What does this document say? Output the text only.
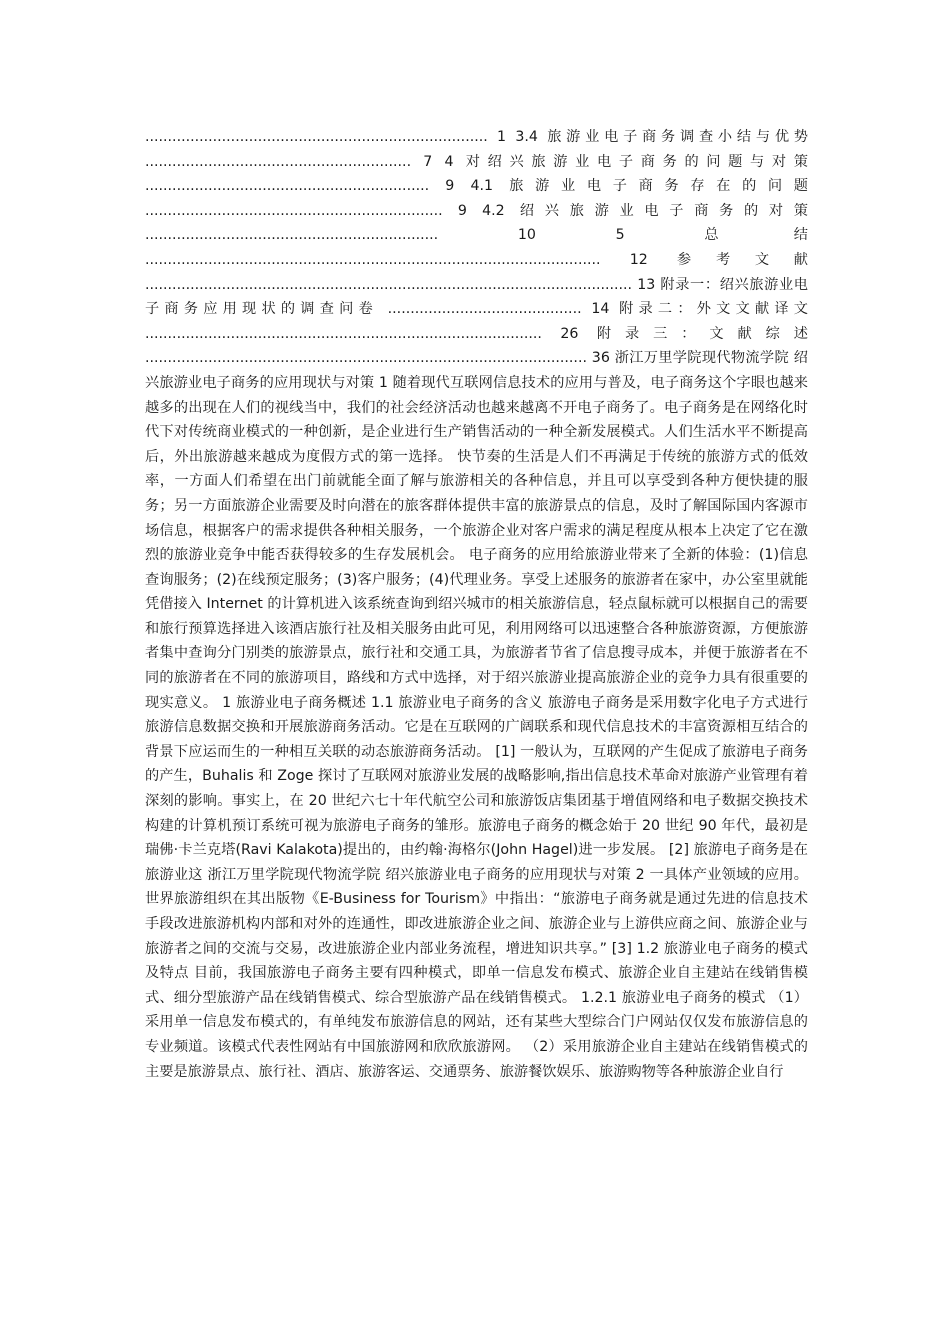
............................................................................ 1 3.4 旅游业电子商务调查小结与优势 ........................................................... 7 4 对绍兴旅游业电子商务的问题与对策 ............................................................... 9 4.1 旅游业电子商务存在的问题 .................................................................. 9 4.2 绍兴旅游业电子商务的对策 ................................................................. 10 5 总结 ..................................................................................................... 12 参考文献 ............................................................................................................ 13 附录一：绍兴旅游业电子商务应用现状的调查问卷 ........................................... 14 附录二：外文文献译文 ........................................................................................ 26 附录三：文献综述 .................................................................................................. 36 浙江万里学院现代物流学院 绍兴旅游业电子商务的应用现状与对策 1 随着现代互联网信息技术的应用与普及，电子商务这个字眼也越来越多的出现在人们的视线当中，我们的社会经济活动也越来越离不开电子商务了。电子商务是在网络化时代下对传统商业模式的一种创新，是企业进行生产销售活动的一种全新发展模式。人们生活水平不断提高后，外出旅游越来越成为度假方式的第一选择。 快节奏的生活是人们不再满足于传统的旅游方式的低效率，一方面人们希望在出门前就能全面了解与旅游相关的各种信息，并且可以享受到各种方便快捷的服务；另一方面旅游企业需要及时向潜在的旅客群体提供丰富的旅游景点的信息，及时了解国际国内客源市场信息，根据客户的需求提供各种相关服务，一个旅游企业对客户需求的满足程度从根本上决定了它在激烈的旅游业竞争中能否获得较多的生存发展机会。 电子商务的应用给旅游业带来了全新的体验：(1)信息查询服务；(2)在线预定服务；(3)客户服务；(4)代理业务。享受上述服务的旅游者在家中，办公室里就能凭借接入 Internet 的计算机进入该系统查询到绍兴城市的相关旅游信息，轻点鼠标就可以根据自己的需要和旅行预算选择进入该酒店旅行社及相关服务由此可见，利用网络可以迅速整合各种旅游资源，方便旅游者集中查询分门别类的旅游景点，旅行社和交通工具，为旅游者节省了信息搜寻成本，并便于旅游者在不同的旅游者在不同的旅游项目，路线和方式中选择，对于绍兴旅游业提高旅游企业的竞争力具有很重要的现实意义。 1 旅游业电子商务概述 1.1 旅游业电子商务的含义 旅游电子商务是采用数字化电子方式进行旅游信息数据交换和开展旅游商务活动。它是在互联网的广阔联系和现代信息技术的丰富资源相互结合的背景下应运而生的一种相互关联的动态旅游商务活动。 [1] 一般认为，互联网的产生促成了旅游电子商务的产生，Buhalis 和 Zoge 探讨了互联网对旅游业发展的战略影响,指出信息技术革命对旅游产业管理有着深刻的影响。事实上，在 20 世纪六七十年代航空公司和旅游饭店集团基于增值网络和电子数据交换技术构建的计算机预订系统可视为旅游电子商务的雏形。旅游电子商务的概念始于 20 世纪 90 年代，最初是瑞佛·卡兰克塔(Ravi Kalakota)提出的，由约翰·海格尔(John Hagel)进一步发展。 [2] 旅游电子商务是在旅游业这 浙江万里学院现代物流学院 绍兴旅游业电子商务的应用现状与对策 2 一具体产业领域的应用。世界旅游组织在其出版物《E-Business for Tourism》中指出：“旅游电子商务就是通过先进的信息技术手段改进旅游机构内部和对外的连通性，即改进旅游企业之间、旅游企业与上游供应商之间、旅游企业与旅游者之间的交流与交易，改进旅游企业内部业务流程，增进知识共享。” [3] 1.2 旅游业电子商务的模式及特点 目前，我国旅游电子商务主要有四种模式，即单一信息发布模式、旅游企业自主建站在线销售模式、细分型旅游产品在线销售模式、综合型旅游产品在线销售模式。 1.2.1 旅游业电子商务的模式 （1）采用单一信息发布模式的，有单纯发布旅游信息的网站，还有某些大型综合门户网站仅仅发布旅游信息的专业频道。该模式代表性网站有中国旅游网和欣欣旅游网。 （2）采用旅游企业自主建站在线销售模式的主要是旅游景点、旅行社、酒店、旅游客运、交通票务、旅游餐饮娱乐、旅游购物等各种旅游企业自行
